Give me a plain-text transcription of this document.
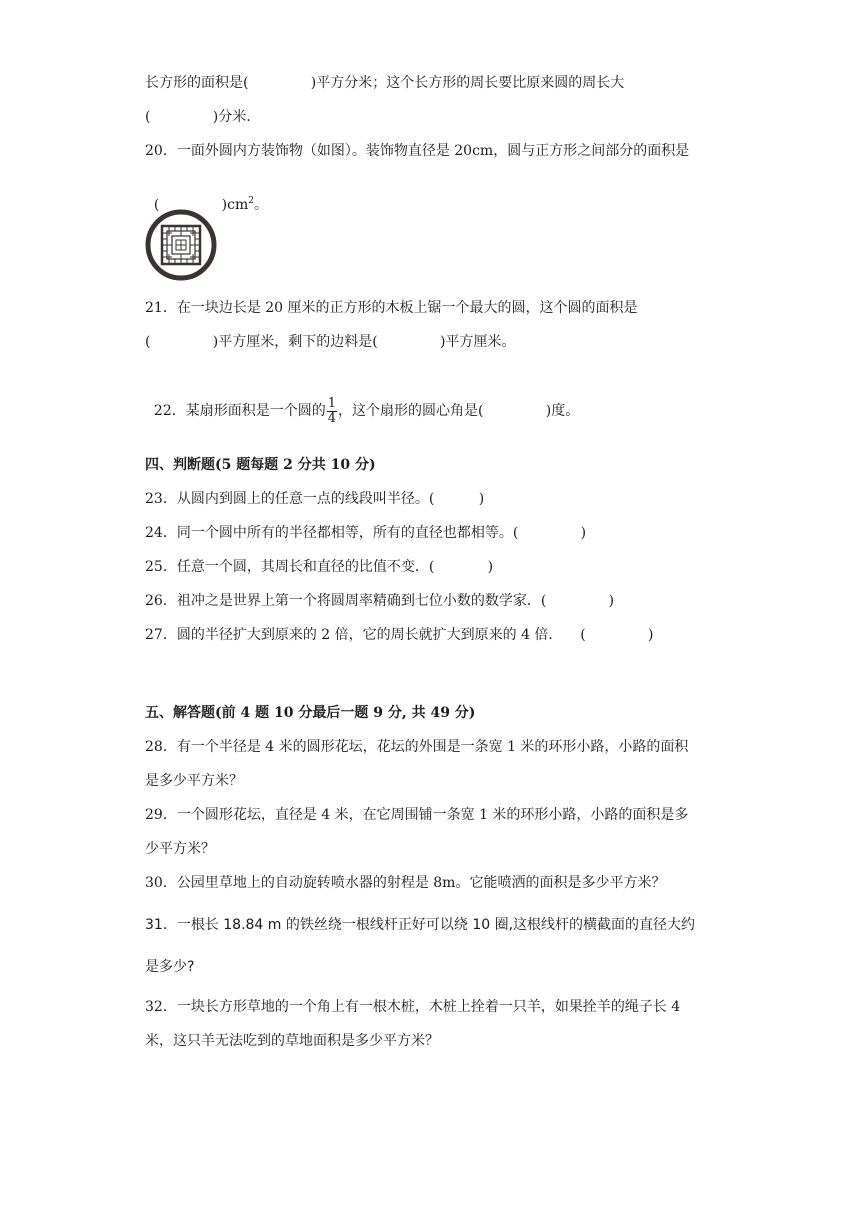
长方形的面积是(              )平方分米；这个长方形的周长要比原来圆的周长大
(              )分米.
20．一面外圆内方装饰物（如图）。装饰物直径是 20cm，圆与正方形之间部分的面积是

(              )$cm^2$。

21．在一块边长是 20 厘米的正方形的木板上锯一个最大的圆，这个圆的面积是
(              )平方厘米，剩下的边料是(              )平方厘米。

22．某扇形面积是一个圆的 $\frac{1}{4}$ ，这个扇形的圆心角是(              )度。

四、判断题(5 题每题 2 分共 10 分)
23．从圆内到圆上的任意一点的线段叫半径。(          )
24．同一个圆中所有的半径都相等，所有的直径也都相等。(              )
25．任意一个圆，其周长和直径的比值不变．(            )
26．祖冲之是世界上第一个将圆周率精确到七位小数的数学家．(              )
27．圆的半径扩大到原来的 2 倍，它的周长就扩大到原来的 4 倍．    (              )
五、解答题(前 4 题 10 分最后一题 9 分, 共 49 分)
28．有一个半径是 4 米的圆形花坛，花坛的外围是一条宽 1 米的环形小路，小路的面积
是多少平方米？
29．一个圆形花坛，直径是 4 米，在它周围铺一条宽 1 米的环形小路，小路的面积是多
少平方米？
30．公园里草地上的自动旋转喷水器的射程是 8m。它能喷洒的面积是多少平方米？
31．一根长 18.84 m 的铁丝绕一根线杆正好可以绕 10 圈,这根线杆的横截面的直径大约
是多少?
32．一块长方形草地的一个角上有一根木桩，木桩上拴着一只羊，如果拴羊的绳子长 4
米，这只羊无法吃到的草地面积是多少平方米？
